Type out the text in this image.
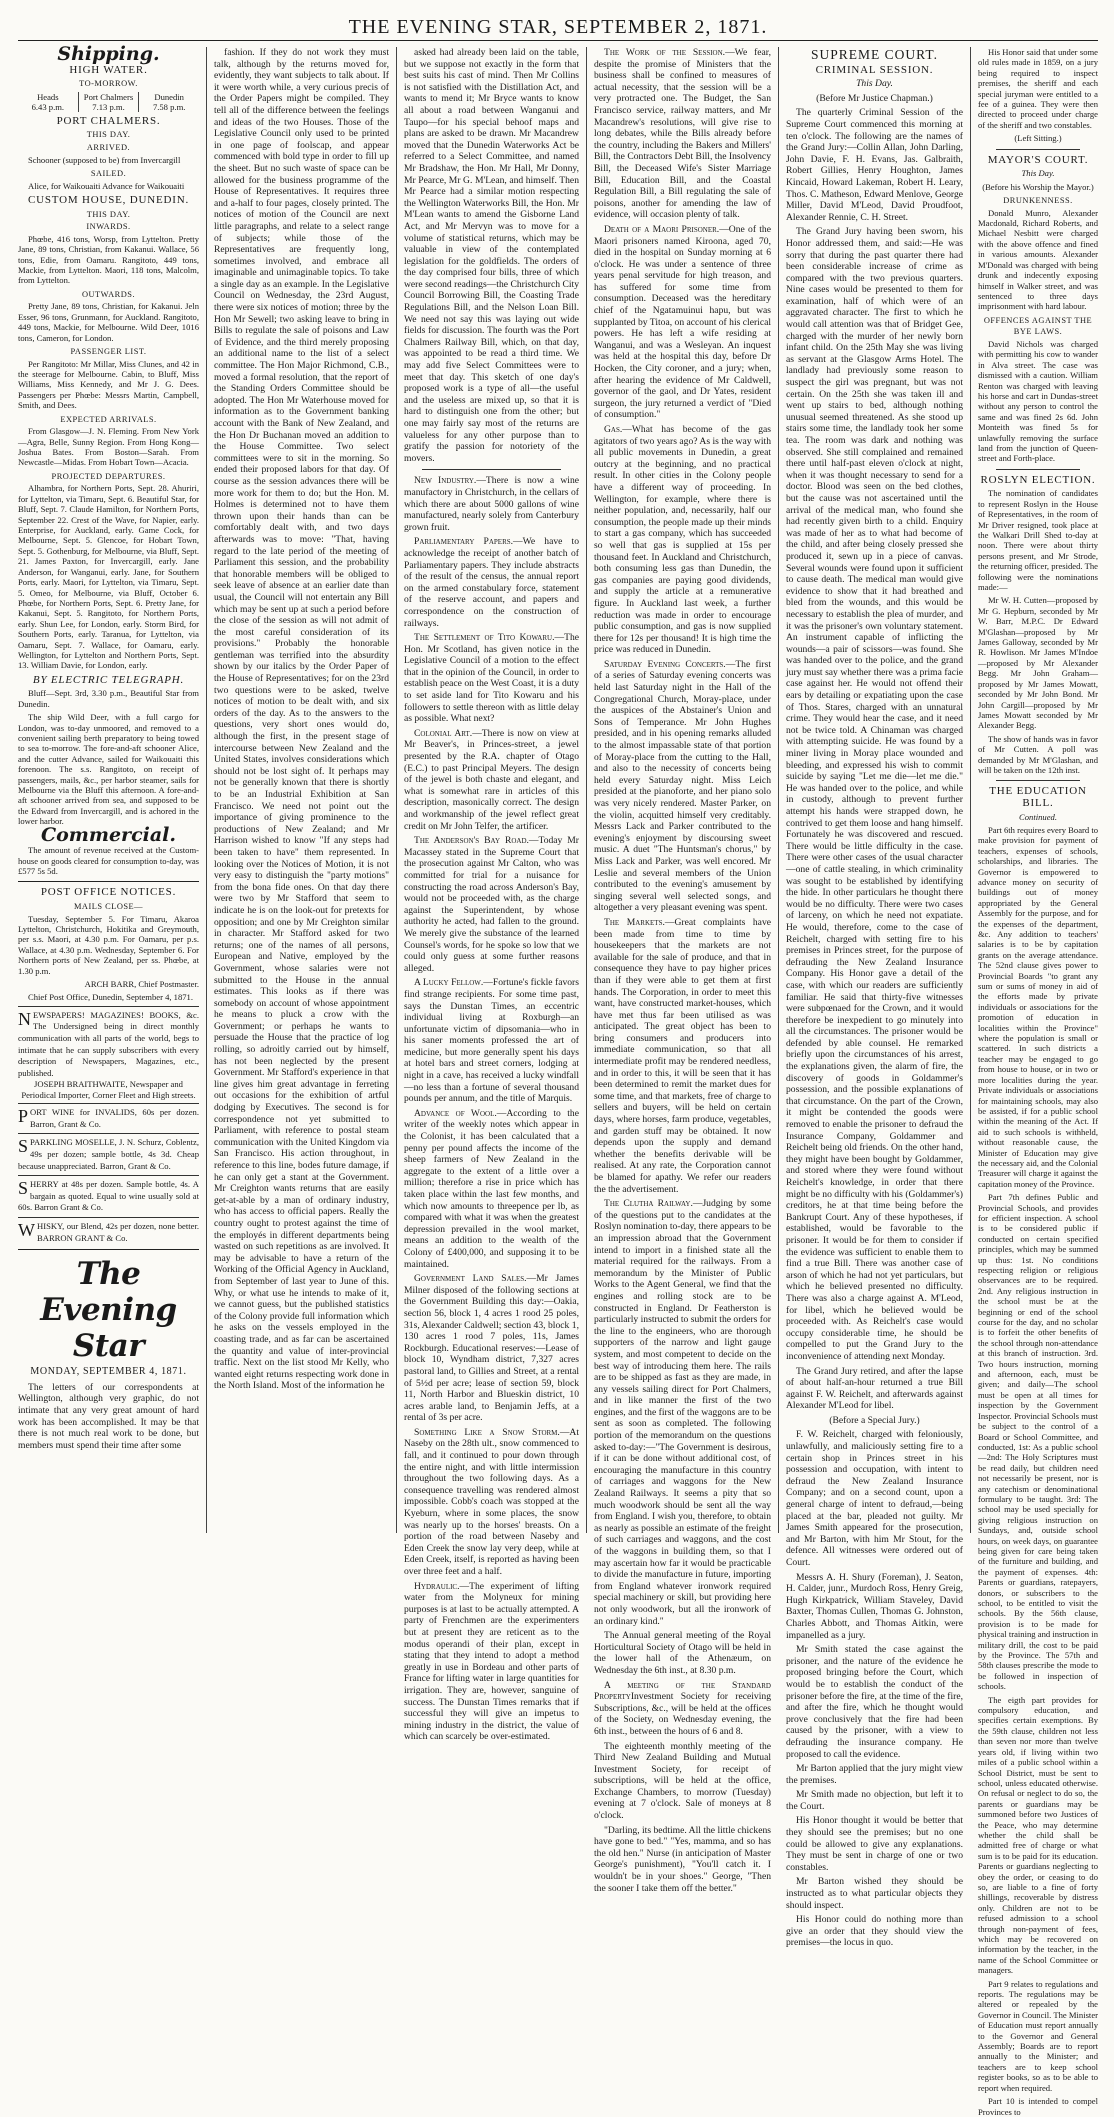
THE EVENING STAR, SEPTEMBER 2, 1871.
Shipping.
HIGH WATER.
TO-MORROW.
Heads
6.43 p.m.
Port Chalmers
7.13 p.m.
Dunedin
7.58 p.m.
PORT CHALMERS.
THIS DAY.
ARRIVED.

Schooner (supposed to be) from Invercargill

SAILED.

Alice, for Waikouaiti Advance for Waikouaiti

CUSTOM HOUSE, DUNEDIN.
THIS DAY.
INWARDS.

Phœbe, 416 tons, Worsp, from Lyttelton. Pretty Jane, 89 tons, Christian, from Kakanui. Wallace, 56 tons, Edie, from Oamaru. Rangitoto, 449 tons, Mackie, from Lyttelton. Maori, 118 tons, Malcolm, from Lyttelton.

OUTWARDS.

Pretty Jane, 89 tons, Christian, for Kakanui. Jeln Esser, 96 tons, Grunmann, for Auckland. Rangitoto, 449 tons, Mackie, for Melbourne. Wild Deer, 1016 tons, Cameron, for London.

PASSENGER LIST.

Per Rangitoto: Mr Millar, Miss Clunes, and 42 in the steerage for Melbourne. Cabin, to Bluff, Miss Williams, Miss Kennedy, and Mr J. G. Dees. Passengers per Phœbe: Messrs Martin, Campbell, Smith, and Dees.

EXPECTED ARRIVALS.

From Glasgow—J. N. Fleming. From New York—Agra, Belle, Sunny Region. From Hong Kong—Joshua Bates. From Boston—Sarah. From Newcastle—Midas. From Hobart Town—Acacia.

PROJECTED DEPARTURES.

Alhambra, for Northern Ports, Sept. 28. Ahuriri, for Lyttelton, via Timaru, Sept. 6. Beautiful Star, for Bluff, Sept. 7. Claude Hamilton, for Northern Ports, September 22. Crest of the Wave, for Napier, early. Enterprise, for Auckland, early. Game Cock, for Melbourne, Sept. 5. Glencoe, for Hobart Town, Sept. 5. Gothenburg, for Melbourne, via Bluff, Sept. 21. James Paxton, for Invercargill, early. Jane Anderson, for Wanganui, early. Jane, for Southern Ports, early. Maori, for Lyttelton, via Timaru, Sept. 5. Omeo, for Melbourne, via Bluff, October 6. Phœbe, for Northern Ports, Sept. 6. Pretty Jane, for Kakanui, Sept. 5. Rangitoto, for Northern Ports, early. Shun Lee, for London, early. Storm Bird, for Southern Ports, early. Taranua, for Lyttelton, via Oamaru, Sept. 7. Wallace, for Oamaru, early. Wellington, for Lyttelton and Northern Ports, Sept. 13. William Davie, for London, early.

BY ELECTRIC TELEGRAPH.

Bluff—Sept. 3rd, 3.30 p.m., Beautiful Star from Dunedin.

The ship Wild Deer, with a full cargo for London, was to-day unmoored, and removed to a convenient sailing berth preparatory to being towed to sea to-morrow. The fore-and-aft schooner Alice, and the cutter Advance, sailed for Waikouaiti this forenoon. The s.s. Rangitoto, on receipt of passengers, mails, &c., per harbor steamer, sails for Melbourne via the Bluff this afternoon. A fore-and-aft schooner arrived from sea, and supposed to be the Edward from Invercargill, and is achored in the lower harbor.

Commercial.

The amount of revenue received at the Custom-house on goods cleared for consumption to-day, was £577 5s 5d.

POST OFFICE NOTICES.
MAILS CLOSE—

Tuesday, September 5. For Timaru, Akaroa Lyttelton, Christchurch, Hokitika and Greymouth, per s.s. Maori, at 4.30 p.m. For Oamaru, per p.s. Wallace, at 4.30 p.m. Wednesday, September 6. For Northern ports of New Zealand, per ss. Phœbe, at 1.30 p.m.

ARCH BARR, Chief Postmaster.

Chief Post Office, Dunedin, September 4, 1871.

NEWSPAPERS! MAGAZINES! BOOKS, &c. The Undersigned being in direct monthly communication with all parts of the world, begs to intimate that he can supply subscribers with every description of Newspapers, Magazines, etc., published.

JOSEPH BRAITHWAITE, Newspaper and Periodical Importer, Corner Fleet and High streets.

PORT WINE for INVALIDS, 60s per dozen. Barron, Grant & Co.
SPARKLING MOSELLE, J. N. Schurz, Coblentz, 49s per dozen; sample bottle, 4s 3d. Cheap because unappreciated. Barron, Grant & Co.
SHERRY at 48s per dozen. Sample bottle, 4s. A bargain as quoted. Equal to wine usually sold at 60s. Barron Grant & Co.
WHISKY, our Blend, 42s per dozen, none better. BARRON GRANT & Co.
The Evening Star
MONDAY, SEPTEMBER 4, 1871.

The letters of our correspondents at Wellington, although very graphic, do not intimate that any very great amount of hard work has been accomplished. It may be that there is not much real work to be done, but members must spend their time after some

fashion. If they do not work they must talk, although by the returns moved for, evidently, they want subjects to talk about. If it were worth while, a very curious precis of the Order Papers might be compiled. They tell all of the difference between the feelings and ideas of the two Houses. Those of the Legislative Council only used to be printed in one page of foolscap, and appear commenced with bold type in order to fill up the sheet. But no such waste of space can be allowed for the business programme of the House of Representatives. It requires three and a-half to four pages, closely printed. The notices of motion of the Council are next little paragraphs, and relate to a select range of subjects; while those of the Representatives are frequently long, sometimes involved, and embrace all imaginable and unimaginable topics. To take a single day as an example. In the Legislative Council on Wednesday, the 23rd August, there were six notices of motion; three by the Hon Mr Sewell; two asking leave to bring in Bills to regulate the sale of poisons and Law of Evidence, and the third merely proposing an additional name to the list of a select committee. The Hon Major Richmond, C.B., moved a formal resolution, that the report of the Standing Orders Committee should be adopted. The Hon Mr Waterhouse moved for information as to the Government banking account with the Bank of New Zealand, and the Hon Dr Buchanan moved an addition to the House Committee. Two select committees were to sit in the morning. So ended their proposed labors for that day. Of course as the session advances there will be more work for them to do; but the Hon. M. Holmes is determined not to have them thrown upon their hands than can be comfortably dealt with, and two days afterwards was to move: "That, having regard to the late period of the meeting of Parliament this session, and the probability that honorable members will be obliged to seek leave of absence at an earlier date than usual, the Council will not entertain any Bill which may be sent up at such a period before the close of the session as will not admit of the most careful consideration of its provisions." Probably the honorable gentleman was terrified into the absurdity shown by our italics by the Order Paper of the House of Representatives; for on the 23rd two questions were to be asked, twelve notices of motion to be dealt with, and six orders of the day. As to the answers to the questions, very short ones would do, although the first, in the present stage of intercourse between New Zealand and the United States, involves considerations which should not be lost sight of. It perhaps may not be generally known that there is shortly to be an Industrial Exhibition at San Francisco. We need not point out the importance of giving prominence to the productions of New Zealand; and Mr Harrison wished to know "If any steps had been taken to have" them represented. In looking over the Notices of Motion, it is not very easy to distinguish the "party motions" from the bona fide ones. On that day there were two by Mr Stafford that seem to indicate he is on the look-out for pretexts for opposition; and one by Mr Creighton similar in character. Mr Stafford asked for two returns; one of the names of all persons, European and Native, employed by the Government, whose salaries were not submitted to the House in the annual estimates. This looks as if there was somebody on account of whose appointment he means to pluck a crow with the Government; or perhaps he wants to persuade the House that the practice of log rolling, so adroitly carried out by himself, has not been neglected by the present Government. Mr Stafford's experience in that line gives him great advantage in ferreting out occasions for the exhibition of artful dodging by Executives. The second is for correspondence not yet submitted to Parliament, with reference to postal steam communication with the United Kingdom via San Francisco. His action throughout, in reference to this line, bodes future damage, if he can only get a stant at the Government. Mr Creighton wants returns that are easily get-at-able by a man of ordinary industry, who has access to official papers. Really the country ought to protest against the time of the employés in different departments being wasted on such repetitions as are involved. It may be advisable to have a return of the Working of the Official Agency in Auckland, from September of last year to June of this. Why, or what use he intends to make of it, we cannot guess, but the published statistics of the Colony provide full information which he asks on the vessels employed in the coasting trade, and as far can be ascertained the quantity and value of inter-provincial traffic. Next on the list stood Mr Kelly, who wanted eight returns respecting work done in the North Island. Most of the information he

asked had already been laid on the table, but we suppose not exactly in the form that best suits his cast of mind. Then Mr Collins is not satisfied with the Distillation Act, and wants to mend it; Mr Bryce wants to know all about a road between Wanganui and Taupo—for his special behoof maps and plans are asked to be drawn. Mr Macandrew moved that the Dunedin Waterworks Act be referred to a Select Committee, and named Mr Bradshaw, the Hon. Mr Hall, Mr Donny, Mr Pearce, Mr G. M'Lean, and himself. Then Mr Pearce had a similar motion respecting the Wellington Waterworks Bill, the Hon. Mr M'Lean wants to amend the Gisborne Land Act, and Mr Mervyn was to move for a volume of statistical returns, which may be valuable in view of the contemplated legislation for the goldfields. The orders of the day comprised four bills, three of which were second readings—the Christchurch City Council Borrowing Bill, the Coasting Trade Regulations Bill, and the Nelson Loan Bill. We need not say this was laying out wide fields for discussion. The fourth was the Port Chalmers Railway Bill, which, on that day, was appointed to be read a third time. We may add five Select Committees were to meet that day. This sketch of one day's proposed work is a type of all—the useful and the useless are mixed up, so that it is hard to distinguish one from the other; but one may fairly say most of the returns are valueless for any other purpose than to gratify the passion for notoriety of the movers.

New Industry.—There is now a wine manufactory in Christchurch, in the cellars of which there are about 5000 gallons of wine manufactured, nearly solely from Canterbury grown fruit.

Parliamentary Papers.—We have to acknowledge the receipt of another batch of Parliamentary papers. They include abstracts of the result of the census, the annual report on the armed constabulary force, statement of the reserve account, and papers and correspondence on the construction of railways.

The Settlement of Tito Kowaru.—The Hon. Mr Scotland, has given notice in the Legislative Council of a motion to the effect that in the opinion of the Council, in order to establish peace on the West Coast, it is a duty to set aside land for Tito Kowaru and his followers to settle thereon with as little delay as possible. What next?

Colonial Art.—There is now on view at Mr Beaver's, in Princes-street, a jewel presented by the R.A. chapter of Otago (E.C.) to past Principal Meyers. The design of the jewel is both chaste and elegant, and what is somewhat rare in articles of this description, masonically correct. The design and workmanship of the jewel reflect great credit on Mr John Telfer, the artificer.

The Anderson's Bay Road.—Today Mr Macassey stated in the Supreme Court that the prosecution against Mr Calton, who was committed for trial for a nuisance for constructing the road across Anderson's Bay, would not be proceeded with, as the charge against the Superintendent, by whose authority he acted, had fallen to the ground. We merely give the substance of the learned Counsel's words, for he spoke so low that we could only guess at some further reasons alleged.

A Lucky Fellow.—Fortune's fickle favors find strange recipients. For some time past, says the Dunstan Times, an eccentric individual living at Roxburgh—an unfortunate victim of dipsomania—who in his saner moments professed the art of medicine, but more generally spent his days at hotel bars and street corners, lodging at night in a cave, has received a lucky windfall—no less than a fortune of several thousand pounds per annum, and the title of Marquis.

Advance of Wool.—According to the writer of the weekly notes which appear in the Colonist, it has been calculated that a penny per pound affects the income of the sheep farmers of New Zealand in the aggregate to the extent of a little over a million; therefore a rise in price which has taken place within the last few months, and which now amounts to threepence per lb, as compared with what it was when the greatest depression prevailed in the wool market, means an addition to the wealth of the Colony of £400,000, and supposing it to be maintained.

Government Land Sales.—Mr James Milner disposed of the following sections at the Government Building this day:—Oakia, section 56, block 1, 4 acres 1 rood 25 poles, 31s, Alexander Caldwell; section 43, block 1, 130 acres 1 rood 7 poles, 11s, James Rockburgh. Educational reserves:—Lease of block 10, Wyndham district, 7,327 acres pastoral land, to Gillies and Street, at a rental of 5½d per acre; lease of section 59, block 11, North Harbor and Blueskin district, 10 acres arable land, to Benjamin Jeffs, at a rental of 3s per acre.

Something Like a Snow Storm.—At Naseby on the 28th ult., snow commenced to fall, and it continued to pour down through the entire night, and with little intermission throughout the two following days. As a consequence travelling was rendered almost impossible. Cobb's coach was stopped at the Kyeburn, where in some places, the snow was nearly up to the horses' breasts. On a portion of the road between Naseby and Eden Creek the snow lay very deep, while at Eden Creek, itself, is reported as having been over three feet and a half.

Hydraulic.—The experiment of lifting water from the Molyneux for mining purposes is at last to be actually attempted. A party of Frenchmen are the experimenters but at present they are reticent as to the modus operandi of their plan, except in stating that they intend to adopt a method greatly in use in Bordeau and other parts of France for lifting water in large quantities for irrigation. They are, however, sanguine of success. The Dunstan Times remarks that if successful they will give an impetus to mining industry in the district, the value of which can scarcely be over-estimated.

The Work of the Session.—We fear, despite the promise of Ministers that the business shall be confined to measures of actual necessity, that the session will be a very protracted one. The Budget, the San Francisco service, railway matters, and Mr Macandrew's resolutions, will give rise to long debates, while the Bills already before the country, including the Bakers and Millers' Bill, the Contractors Debt Bill, the Insolvency Bill, the Deceased Wife's Sister Marriage Bill, Education Bill, and the Coastal Regulation Bill, a Bill regulating the sale of poisons, another for amending the law of evidence, will occasion plenty of talk.

Death of a Maori Prisoner.—One of the Maori prisoners named Kiroona, aged 70, died in the hospital on Sunday morning at 6 o'clock. He was under a sentence of three years penal servitude for high treason, and has suffered for some time from consumption. Deceased was the hereditary chief of the Ngatamuinui hapu, but was supplanted by Titoa, on account of his clerical powers. He has left a wife residing at Wanganui, and was a Wesleyan. An inquest was held at the hospital this day, before Dr Hocken, the City coroner, and a jury; when, after hearing the evidence of Mr Caldwell, governor of the gaol, and Dr Yates, resident surgeon, the jury returned a verdict of "Died of consumption."

Gas.—What has become of the gas agitators of two years ago? As is the way with all public movements in Dunedin, a great outcry at the beginning, and no practical result. In other cities in the Colony people have a different way of proceeding. In Wellington, for example, where there is neither population, and, necessarily, half our consumption, the people made up their minds to start a gas company, which has succeeded so well that gas is supplied at 15s per thousand feet. In Auckland and Christchurch, both consuming less gas than Dunedin, the gas companies are paying good dividends, and supply the article at a remunerative figure. In Auckland last week, a further reduction was made in order to encourage public consumption, and gas is now supplied there for 12s per thousand! It is high time the price was reduced in Dunedin.

Saturday Evening Concerts.—The first of a series of Saturday evening concerts was held last Saturday night in the Hall of the Congregational Church, Moray-place, under the auspices of the Abstainer's Union and Sons of Temperance. Mr John Hughes presided, and in his opening remarks alluded to the almost impassable state of that portion of Moray-place from the cutting to the Hall, and also to the necessity of concerts being held every Saturday night. Miss Leich presided at the pianoforte, and her piano solo was very nicely rendered. Master Parker, on the violin, acquitted himself very creditably. Messrs Lack and Parker contributed to the evening's enjoyment by discoursing sweet music. A duet "The Huntsman's chorus," by Miss Lack and Parker, was well encored. Mr Leslie and several members of the Union contributed to the evening's amusement by singing several well selected songs, and altogether a very pleasant evening was spent.

The Markets.—Great complaints have been made from time to time by housekeepers that the markets are not available for the sale of produce, and that in consequence they have to pay higher prices than if they were able to get them at first hands. The Corporation, in order to meet this want, have constructed market-houses, which have met thus far been utilised as was anticipated. The great object has been to bring consumers and producers into immediate communication, so that all intermediate profit may be rendered needless, and in order to this, it will be seen that it has been determined to remit the market dues for some time, and that markets, free of charge to sellers and buyers, will be held on certain days, where horses, farm produce, vegetables, and garden stuff may be obtained. It now depends upon the supply and demand whether the benefits derivable will be realised. At any rate, the Corporation cannot be blamed for apathy. We refer our readers the the advertisement.

The Clutha Railway.—Judging by some of the questions put to the candidates at the Roslyn nomination to-day, there appears to be an impression abroad that the Government intend to import in a finished state all the material required for the railways. From a memorandum by the Minister of Public Works to the Agent General, we find that the engines and rolling stock are to be constructed in England. Dr Featherston is particularly instructed to submit the orders for the line to the engineers, who are thorough supporters of the narrow and light gauge system, and most competent to decide on the best way of introducing them here. The rails are to be shipped as fast as they are made, in any vessels sailing direct for Port Chalmers, and in like manner the first of the two engines, and the first of the waggons are to be sent as soon as completed. The following portion of the memorandum on the questions asked to-day:—"The Government is desirous, if it can be done without additional cost, of encouraging the manufacture in this country of carriages and waggons for the New Zealand Railways. It seems a pity that so much woodwork should be sent all the way from England. I wish you, therefore, to obtain as nearly as possible an estimate of the freight of such carriages and waggons, and the cost of the waggons in building them, so that I may ascertain how far it would be practicable to divide the manufacture in future, importing from England whatever ironwork required special machinery or skill, but providing here not only woodwork, but all the ironwork of an ordinary kind."

The Annual general meeting of the Royal Horticultural Society of Otago will be held in the lower hall of the Athenæum, on Wednesday the 6th inst., at 8.30 p.m.

A meeting of the Standard PropertyInvestment Society for receiving Subscriptions, &c., will be held at the offices of the Society, on Wednesday evening, the 6th inst., between the hours of 6 and 8.

The eighteenth monthly meeting of the Third New Zealand Building and Mutual Investment Society, for receipt of subscriptions, will be held at the office, Exchange Chambers, to morrow (Tuesday) evening at 7 o'clock. Sale of moneys at 8 o'clock.

"Darling, its bedtime. All the little chickens have gone to bed." "Yes, mamma, and so has the old hen." Nurse (in anticipation of Master George's punishment), "You'll catch it. I wouldn't be in your shoes." George, "Then the sooner I take them off the better."

SUPREME COURT.
CRIMINAL SESSION.

This Day.

(Before Mr Justice Chapman.)

The quarterly Criminal Session of the Supreme Court commenced this morning at ten o'clock. The following are the names of the Grand Jury:—Collin Allan, John Darling, John Davie, F. H. Evans, Jas. Galbraith, Robert Gillies, Henry Houghton, James Kincaid, Howard Lakeman, Robert H. Leary, Thos. C. Matheson, Edward Menlove, George Miller, David M'Leod, David Proudfoot, Alexander Rennie, C. H. Street.

The Grand Jury having been sworn, his Honor addressed them, and said:—He was sorry that during the past quarter there had been considerable increase of crime as compared with the two previous quarters. Nine cases would be presented to them for examination, half of which were of an aggravated character. The first to which he would call attention was that of Bridget Gee, charged with the murder of her newly born infant child. On the 25th May she was living as servant at the Glasgow Arms Hotel. The landlady had previously some reason to suspect the girl was pregnant, but was not certain. On the 25th she was taken ill and went up stairs to bed, although nothing unusual seemed threatened. As she stood up stairs some time, the landlady took her some tea. The room was dark and nothing was observed. She still complained and remained there until half-past eleven o'clock at night, when it was thought necessary to send for a doctor. Blood was seen on the bed clothes, but the cause was not ascertained until the arrival of the medical man, who found she had recently given birth to a child. Enquiry was made of her as to what had become of the child, and after being closely pressed she produced it, sewn up in a piece of canvas. Several wounds were found upon it sufficient to cause death. The medical man would give evidence to show that it had breathed and bled from the wounds, and this would be necessary to establish the plea of murder, and it was the prisoner's own voluntary statement. An instrument capable of inflicting the wounds—a pair of scissors—was found. She was handed over to the police, and the grand jury must say whether there was a prima facie case against her. He would not offend their ears by detailing or expatiating upon the case of Thos. Stares, charged with an unnatural crime. They would hear the case, and it need not be twice told. A Chinaman was charged with attempting suicide. He was found by a miner living in Moray place wounded and bleeding, and expressed his wish to commit suicide by saying "Let me die—let me die." He was handed over to the police, and while in custody, although to prevent further attempt his hands were strapped down, he contrived to get them loose and hang himself. Fortunately he was discovered and rescued. There would be little difficulty in the case. There were other cases of the usual character—one of cattle stealing, in which criminality was sought to be established by identifying the hide. In other particulars he thought there would be no difficulty. There were two cases of larceny, on which he need not expatiate. He would, therefore, come to the case of Reichelt, charged with setting fire to his premises in Princes street, for the purpose of defrauding the New Zealand Insurance Company. His Honor gave a detail of the case, with which our readers are sufficiently familiar. He said that thirty-five witnesses were subpœnaed for the Crown, and it would therefore be inexpedient to go minutely into all the circumstances. The prisoner would be defended by able counsel. He remarked briefly upon the circumstances of his arrest, the explanations given, the alarm of fire, the discovery of goods in Goldammer's possession, and the possible explanations of that circumstance. On the part of the Crown, it might be contended the goods were removed to enable the prisoner to defraud the Insurance Company, Goldammer and Reichelt being old friends. On the other hand, they might have been bought by Goldammer, and stored where they were found without Reichelt's knowledge, in order that there might be no difficulty with his (Goldammer's) creditors, he at that time being before the Bankrupt Court. Any of these hypotheses, if established, would be favorable to the prisoner. It would be for them to consider if the evidence was sufficient to enable them to find a true Bill. There was another case of arson of which he had not yet particulars, but which he believed presented no difficulty. There was also a charge against A. M'Leod, for libel, which he believed would be proceeded with. As Reichelt's case would occupy considerable time, he should be compelled to put the Grand Jury to the inconvenience of attending next Monday.

The Grand Jury retired, and after the lapse of about half-an-hour returned a true Bill against F. W. Reichelt, and afterwards against Alexander M'Leod for libel.

(Before a Special Jury.)

F. W. Reichelt, charged with feloniously, unlawfully, and maliciously setting fire to a certain shop in Princes street in his possession and occupation, with intent to defraud the New Zealand Insurance Company; and on a second count, upon a general charge of intent to defraud,—being placed at the bar, pleaded not guilty. Mr James Smith appeared for the prosecution, and Mr Barton, with him Mr Stout, for the defence. All witnesses were ordered out of Court.

Messrs A. H. Shury (Foreman), J. Seaton, H. Calder, junr., Murdoch Ross, Henry Greig, Hugh Kirkpatrick, William Staveley, David Baxter, Thomas Cullen, Thomas G. Johnston, Charles Abbott, and Thomas Aitkin, were impanelled as a jury.

Mr Smith stated the case against the prisoner, and the nature of the evidence he proposed bringing before the Court, which would be to establish the conduct of the prisoner before the fire, at the time of the fire, and after the fire, which he thought would prove conclusively that the fire had been caused by the prisoner, with a view to defrauding the insurance company. He proposed to call the evidence.

Mr Barton applied that the jury might view the premises.

Mr Smith made no objection, but left it to the Court.

His Honor thought it would be better that they should see the premises; but no one could be allowed to give any explanations. They must be sent in charge of one or two constables.

Mr Barton wished they should be instructed as to what particular objects they should inspect.

His Honor could do nothing more than give an order that they should view the premises—the locus in quo.

His Honor said that under some old rules made in 1859, on a jury being required to inspect premises, the sheriff and each special juryman were entitled to a fee of a guinea. They were then directed to proceed under charge of the sheriff and two constables.

(Left Sitting.)

MAYOR'S COURT.

This Day.

(Before his Worship the Mayor.)

DRUNKENNESS.

Donald Munro, Alexander Macdonald, Richard Roberts, and Michael Nesbitt were charged with the above offence and fined in various amounts. Alexander M'Donald was charged with being drunk and indecently exposing himself in Walker street, and was sentenced to three days imprisonment with hard labour.

OFFENCES AGAINST THE BYE LAWS.

David Nichols was charged with permitting his cow to wander in Alva street. The case was dismissed with a caution. William Renton was charged with leaving his horse and cart in Dundas-street without any person to control the same and was fined 2s 6d. John Monteith was fined 5s for unlawfully removing the surface land from the junction of Queen-street and Forth-place.

ROSLYN ELECTION.

The nomination of candidates to represent Roslyn in the House of Representatives, in the room of Mr Driver resigned, took place at the Walkari Drill Shed to-day at noon. There were about thirty persons present, and Mr Strode, the returning officer, presided. The following were the nominations made:—

Mr W. H. Cutten—proposed by Mr G. Hepburn, seconded by Mr W. Barr, M.P.C. Dr Edward M'Glashan—proposed by Mr James Galloway, seconded by Mr R. Howlison. Mr James M'Indoe—proposed by Mr Alexander Begg. Mr John Graham—proposed by Mr James Mowatt, seconded by Mr John Bond. Mr John Cargill—proposed by Mr James Mowatt seconded by Mr Alexander Begg.

The show of hands was in favor of Mr Cutten. A poll was demanded by Mr M'Glashan, and will be taken on the 12th inst.

THE EDUCATION BILL.

Continued.

Part 6th requires every Board to make provision for payment of teachers, expenses of schools, scholarships, and libraries. The Governor is empowered to advance money on security of buildings out of money appropriated by the General Assembly for the purpose, and for the expenses of the department, &c. Any addition to teachers' salaries is to be by capitation grants on the average attendance. The 52nd clause gives power to Provincial Boards "to grant any sum or sums of money in aid of the efforts made by private individuals or associations for the promotion of education in localities within the Province" where the population is small or scattered. In such districts a teacher may be engaged to go from house to house, or in two or more localities during the year. Private individuals or associations for maintaining schools, may also be assisted, if for a public school within the meaning of the Act. If aid to such schools is withheld, without reasonable cause, the Minister of Education may give the necessary aid, and the Colonial Treasurer will charge it against the capitation money of the Province.

Part 7th defines Public and Provincial Schools, and provides for efficient inspection. A school is to be considered public if conducted on certain specified principles, which may be summed up thus: 1st. No conditions respecting religion or religious observances are to be required. 2nd. Any religious instruction in the school must be at the beginning or end of the school course for the day, and no scholar is to forfeit the other benefits of the school through non-attendance at this branch of instruction. 3rd. Two hours instruction, morning and afternoon, each, must be given; and daily—The school must be open at all times for inspection by the Government Inspector. Provincial Schools must be subject to the control of a Board or School Committee, and conducted, 1st: As a public school—2nd: The Holy Scriptures must be read daily, but children need not necessarily be present, nor is any catechism or denominational formulary to be taught. 3rd: The school may be used specially for giving religious instruction on Sundays, and, outside school hours, on week days, on guarantee being given for care being taken of the furniture and building, and the payment of expenses. 4th: Parents or guardians, ratepayers, donors, or subscribers to the school, to be entitled to visit the schools. By the 56th clause, provision is to be made for physical training and instruction in military drill, the cost to be paid by the Province. The 57th and 58th clauses prescribe the mode to be followed in inspection of schools.

The eigth part provides for compulsory education, and specifies certain exemptions. By the 59th clause, children not less than seven nor more than twelve years old, if living within two miles of a public school within a School District, must be sent to school, unless educated otherwise. On refusal or neglect to do so, the parents or guardians may be summoned before two Justices of the Peace, who may determine whether the child shall be admitted free of charge or what sum is to be paid for its education. Parents or guardians neglecting to obey the order, or ceasing to do so, are liable to a fine of forty shillings, recoverable by distress only. Children are not to be refused admission to a school through non-payment of fees, which may be recovered on information by the teacher, in the name of the School Committee or managers.

Part 9 relates to regulations and reports. The regulations may be altered or repealed by the Governor in Council. The Minister of Education must report annually to the Governor and General Assembly; Boards are to report annually to the Minister; and teachers are to keep school register books, so as to be able to report when required.

Part 10 is intended to compel Provinces to
